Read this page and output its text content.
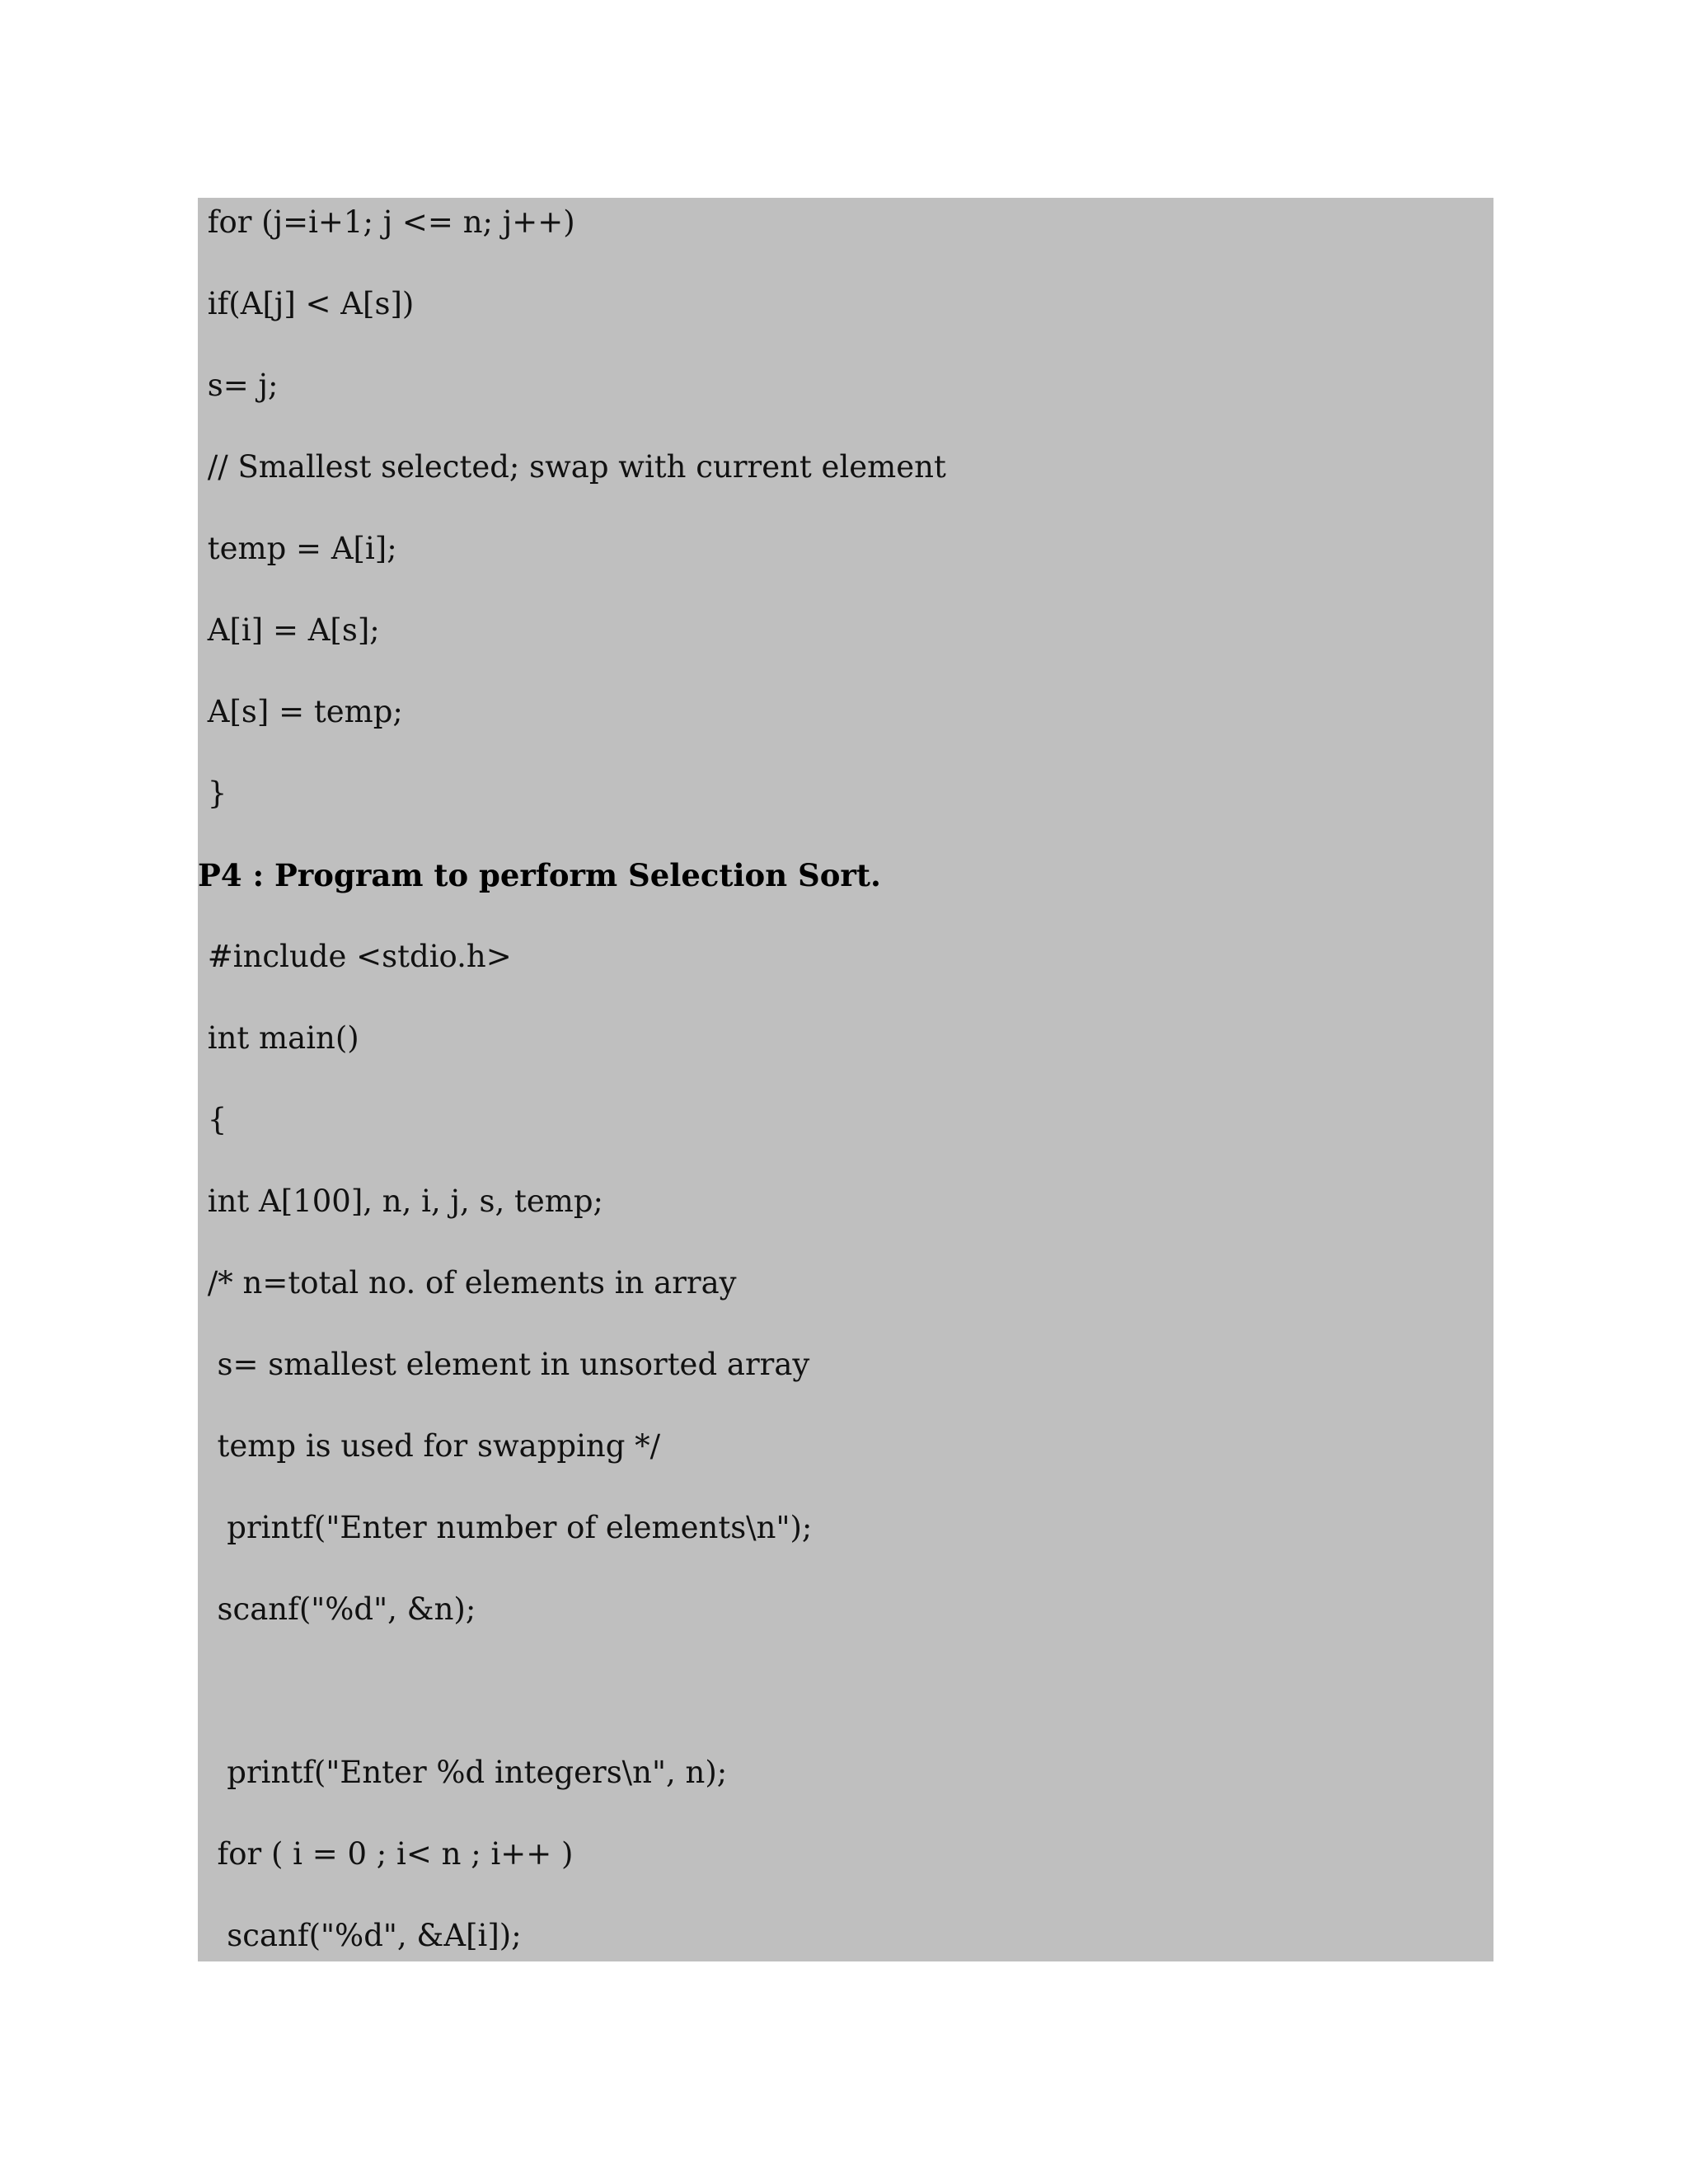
for (j=i+1; j <= n; j++)
if(A[j] < A[s])
s= j;
// Smallest selected; swap with current element
temp = A[i];
A[i] = A[s];
A[s] = temp;
}
P4 : Program to perform Selection Sort.
#include <stdio.h>
int main()
{
int A[100], n, i, j, s, temp;
/* n=total no. of elements in array
s= smallest element in unsorted array
temp is used for swapping */
printf("Enter number of elements\n");
scanf("%d", &n);
printf("Enter %d integers\n", n);
for ( i = 0 ; i< n ; i++ )
scanf("%d", &A[i]);
